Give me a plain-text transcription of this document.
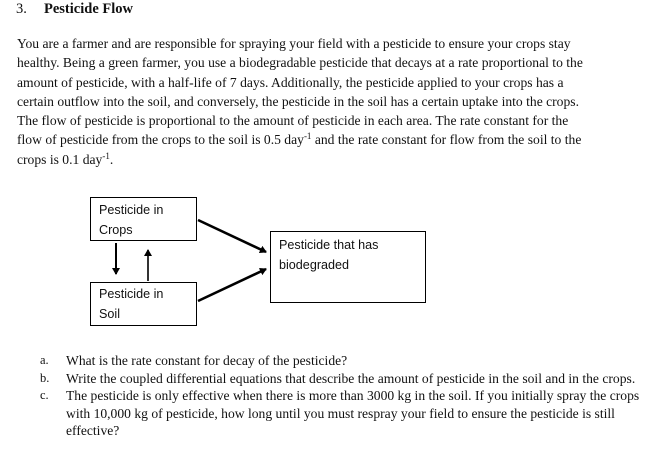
3. Pesticide Flow

You are a farmer and are responsible for spraying your field with a pesticide to ensure your crops stay

healthy. Being a green farmer, you use a biodegradable pesticide that decays at a rate proportional to the

amount of pesticide, with a half-life of 7 days. Additionally, the pesticide applied to your crops has a

certain outflow into the soil, and conversely, the pesticide in the soil has a certain uptake into the crops.

The flow of pesticide is proportional to the amount of pesticide in each area. The rate constant for the

flow of pesticide from the crops to the soil is 0.5 day$^{-1}$ and the rate constant for flow from the soil to the

crops is 0.1 day$^{-1}$.

Pesticide in
Crops
Pesticide in
Soil
Pesticide that has
biodegraded
a. What is the rate constant for decay of the pesticide?
b. Write the coupled differential equations that describe the amount of pesticide in the soil and in the crops.
c. The pesticide is only effective when there is more than 3000 kg in the soil. If you initially spray the crops with 10,000 kg of pesticide, how long until you must respray your field to ensure the pesticide is still effective?
